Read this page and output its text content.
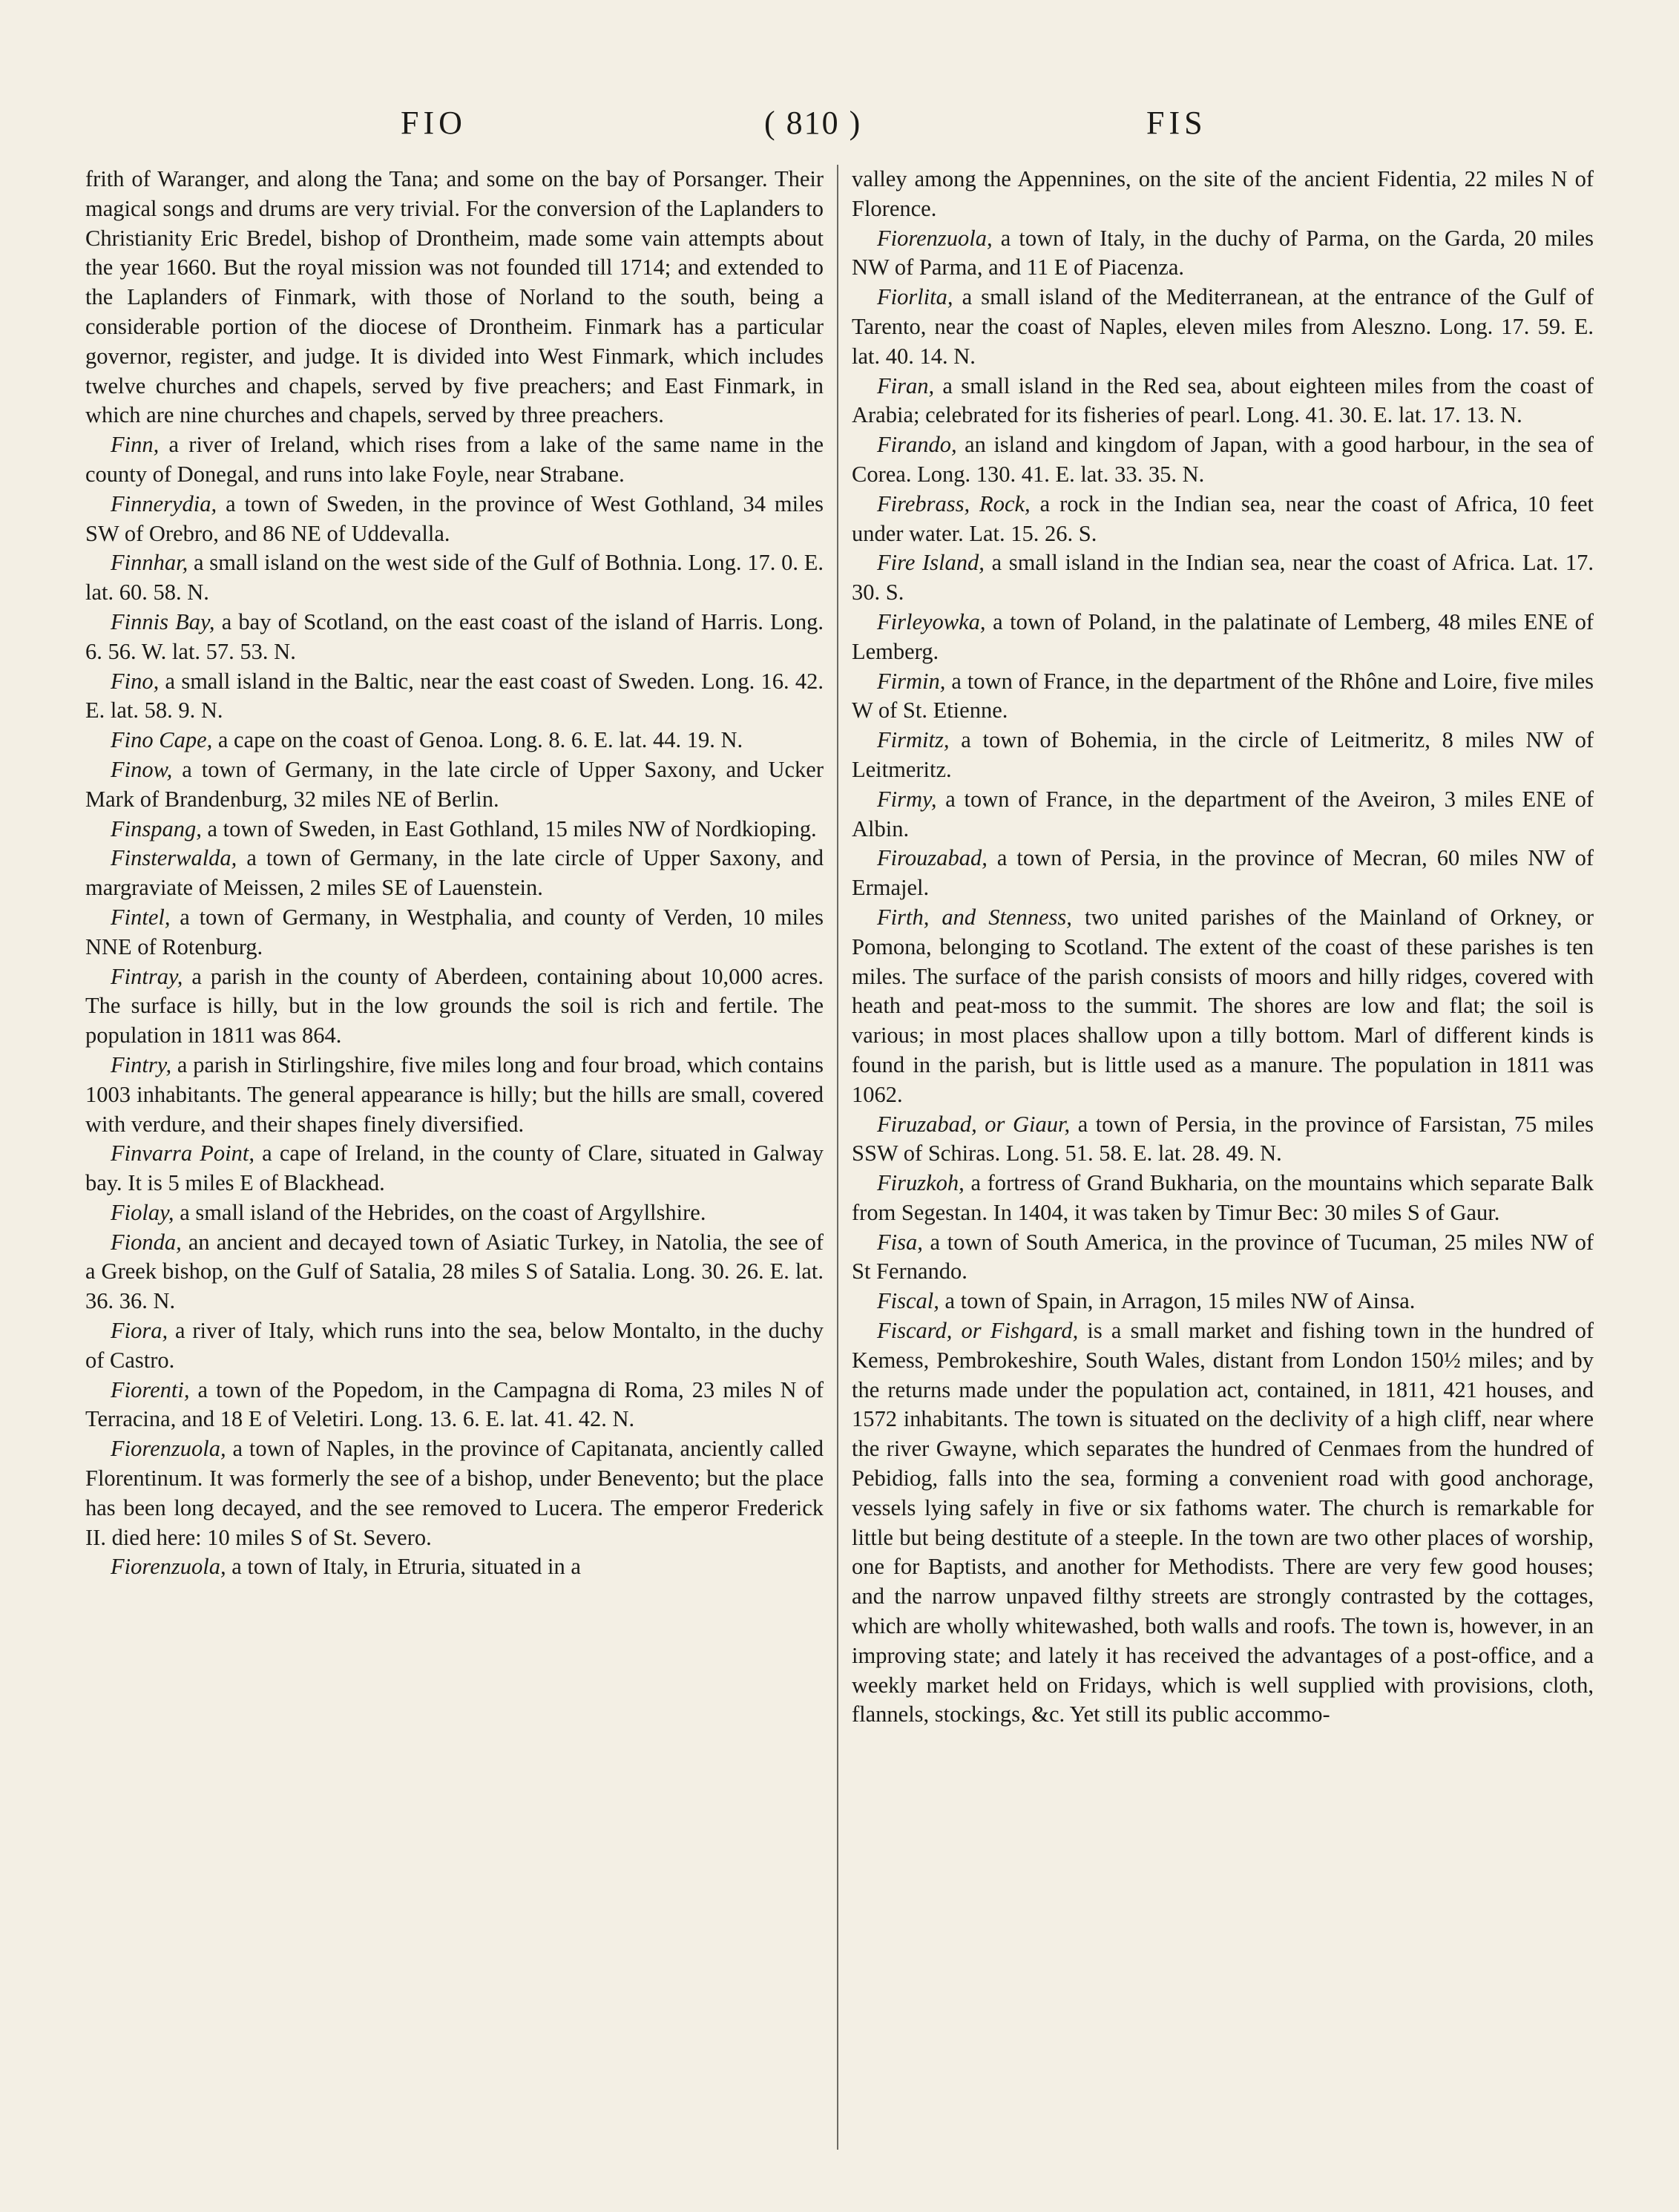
FIO	( 810 )	FIS

frith of Waranger, and along the Tana; and some on the bay of Porsanger. Their magical songs and drums are very trivial. For the conversion of the Laplanders to Christianity Eric Bredel, bishop of Drontheim, made some vain attempts about the year 1660. But the royal mission was not founded till 1714; and extended to the Laplanders of Finmark, with those of Norland to the south, being a considerable portion of the diocese of Drontheim. Finmark has a particular governor, register, and judge. It is divided into West Finmark, which includes twelve churches and chapels, served by five preachers; and East Finmark, in which are nine churches and chapels, served by three preachers.

Finn, a river of Ireland, which rises from a lake of the same name in the county of Donegal, and runs into lake Foyle, near Strabane.

Finnerydia, a town of Sweden, in the province of West Gothland, 34 miles SW of Orebro, and 86 NE of Uddevalla.

Finnhar, a small island on the west side of the Gulf of Bothnia. Long. 17. 0. E. lat. 60. 58. N.

Finnis Bay, a bay of Scotland, on the east coast of the island of Harris. Long. 6. 56. W. lat. 57. 53. N.

Fino, a small island in the Baltic, near the east coast of Sweden. Long. 16. 42. E. lat. 58. 9. N.

Fino Cape, a cape on the coast of Genoa. Long. 8. 6. E. lat. 44. 19. N.

Finow, a town of Germany, in the late circle of Upper Saxony, and Ucker Mark of Brandenburg, 32 miles NE of Berlin.

Finspang, a town of Sweden, in East Gothland, 15 miles NW of Nordkioping.

Finsterwalda, a town of Germany, in the late circle of Upper Saxony, and margraviate of Meissen, 2 miles SE of Lauenstein.

Fintel, a town of Germany, in Westphalia, and county of Verden, 10 miles NNE of Rotenburg.

Fintray, a parish in the county of Aberdeen, containing about 10,000 acres. The surface is hilly, but in the low grounds the soil is rich and fertile. The population in 1811 was 864.

Fintry, a parish in Stirlingshire, five miles long and four broad, which contains 1003 inhabitants. The general appearance is hilly; but the hills are small, covered with verdure, and their shapes finely diversified.

Finvarra Point, a cape of Ireland, in the county of Clare, situated in Galway bay. It is 5 miles E of Blackhead.

Fiolay, a small island of the Hebrides, on the coast of Argyllshire.

Fionda, an ancient and decayed town of Asiatic Turkey, in Natolia, the see of a Greek bishop, on the Gulf of Satalia, 28 miles S of Satalia. Long. 30. 26. E. lat. 36. 36. N.

Fiora, a river of Italy, which runs into the sea, below Montalto, in the duchy of Castro.

Fiorenti, a town of the Popedom, in the Campagna di Roma, 23 miles N of Terracina, and 18 E of Veletiri. Long. 13. 6. E. lat. 41. 42. N.

Fiorenzuola, a town of Naples, in the province of Capitanata, anciently called Florentinum. It was formerly the see of a bishop, under Benevento; but the place has been long decayed, and the see removed to Lucera. The emperor Frederick II. died here: 10 miles S of St. Severo.

Fiorenzuola, a town of Italy, in Etruria, situated in a

valley among the Appennines, on the site of the ancient Fidentia, 22 miles N of Florence.

Fiorenzuola, a town of Italy, in the duchy of Parma, on the Garda, 20 miles NW of Parma, and 11 E of Piacenza.

Fiorlita, a small island of the Mediterranean, at the entrance of the Gulf of Tarento, near the coast of Naples, eleven miles from Aleszno. Long. 17. 59. E. lat. 40. 14. N.

Firan, a small island in the Red sea, about eighteen miles from the coast of Arabia; celebrated for its fisheries of pearl. Long. 41. 30. E. lat. 17. 13. N.

Firando, an island and kingdom of Japan, with a good harbour, in the sea of Corea. Long. 130. 41. E. lat. 33. 35. N.

Firebrass, Rock, a rock in the Indian sea, near the coast of Africa, 10 feet under water. Lat. 15. 26. S.

Fire Island, a small island in the Indian sea, near the coast of Africa. Lat. 17. 30. S.

Firleyowka, a town of Poland, in the palatinate of Lemberg, 48 miles ENE of Lemberg.

Firmin, a town of France, in the department of the Rhône and Loire, five miles W of St. Etienne.

Firmitz, a town of Bohemia, in the circle of Leitmeritz, 8 miles NW of Leitmeritz.

Firmy, a town of France, in the department of the Aveiron, 3 miles ENE of Albin.

Firouzabad, a town of Persia, in the province of Mecran, 60 miles NW of Ermajel.

Firth, and Stenness, two united parishes of the Mainland of Orkney, or Pomona, belonging to Scotland. The extent of the coast of these parishes is ten miles. The surface of the parish consists of moors and hilly ridges, covered with heath and peat-moss to the summit. The shores are low and flat; the soil is various; in most places shallow upon a tilly bottom. Marl of different kinds is found in the parish, but is little used as a manure. The population in 1811 was 1062.

Firuzabad, or Giaur, a town of Persia, in the province of Farsistan, 75 miles SSW of Schiras. Long. 51. 58. E. lat. 28. 49. N.

Firuzkoh, a fortress of Grand Bukharia, on the mountains which separate Balk from Segestan. In 1404, it was taken by Timur Bec: 30 miles S of Gaur.

Fisa, a town of South America, in the province of Tucuman, 25 miles NW of St Fernando.

Fiscal, a town of Spain, in Arragon, 15 miles NW of Ainsa.

Fiscard, or Fishgard, is a small market and fishing town in the hundred of Kemess, Pembrokeshire, South Wales, distant from London 150½ miles; and by the returns made under the population act, contained, in 1811, 421 houses, and 1572 inhabitants. The town is situated on the declivity of a high cliff, near where the river Gwayne, which separates the hundred of Cenmaes from the hundred of Pebidiog, falls into the sea, forming a convenient road with good anchorage, vessels lying safely in five or six fathoms water. The church is remarkable for little but being destitute of a steeple. In the town are two other places of worship, one for Baptists, and another for Methodists. There are very few good houses; and the narrow unpaved filthy streets are strongly contrasted by the cottages, which are wholly whitewashed, both walls and roofs. The town is, however, in an improving state; and lately it has received the advantages of a post-office, and a weekly market held on Fridays, which is well supplied with provisions, cloth, flannels, stockings, &c. Yet still its public accommo-
